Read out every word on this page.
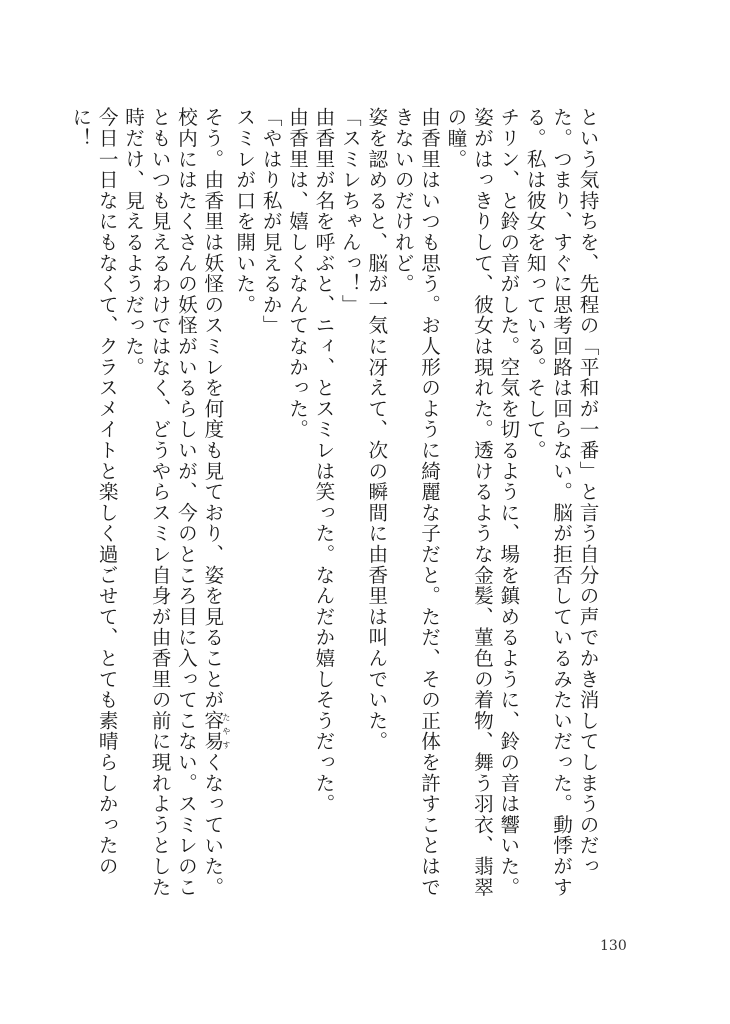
という気持ちを、先程の「平和が一番」と言う自分の声でかき消してしまうのだった。つまり、すぐに思考回路は回らない。脳が拒否しているみたいだった。動悸がする。私は彼女を知っている。そして。

チリン、と鈴の音がした。空気を切るように、場を鎮めるように、鈴の音は響いた。

姿がはっきりして、彼女は現れた。透けるような金髪、菫色の着物、舞う羽衣、翡翠の瞳。

由香里はいつも思う。お人形のように綺麗な子だと。ただ、その正体を許すことはできないのだけれど。

姿を認めると、脳が一気に冴えて、次の瞬間に由香里は叫んでいた。

「スミレちゃんっ！」

由香里が名を呼ぶと、ニィ、とスミレは笑った。なんだか嬉しそうだった。

由香里は、嬉しくなんてなかった。

「やはり私が見えるか」

スミレが口を開いた。

そう。由香里は妖怪のスミレを何度も見ており、姿を見ることが容易たやすくなっていた。

校内にはたくさんの妖怪がいるらしいが、今のところ目に入ってこない。スミレのこともいつも見えるわけではなく、どうやらスミレ自身が由香里の前に現れようとした時だけ、見えるようだった。

今日一日なにもなくて、クラスメイトと楽しく過ごせて、とても素晴らしかったのに！

130
